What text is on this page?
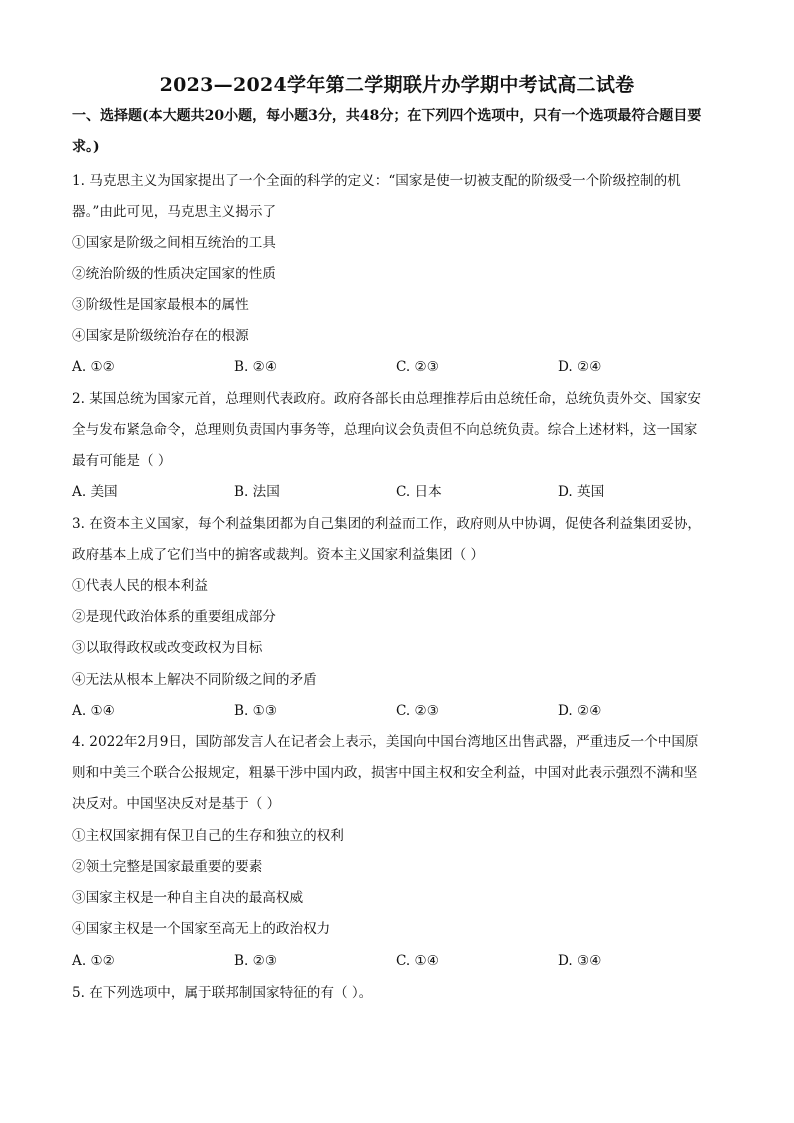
2023—2024学年第二学期联片办学期中考试高二试卷
一、选择题(本大题共20小题，每小题3分，共48分；在下列四个选项中，只有一个选项最符合题目要求。)
1. 马克思主义为国家提出了一个全面的科学的定义：“国家是使一切被支配的阶级受一个阶级控制的机
器。”由此可见，马克思主义揭示了
①国家是阶级之间相互统治的工具
②统治阶级的性质决定国家的性质
③阶级性是国家最根本的属性
④国家是阶级统治存在的根源
A. ①②	B. ②④	C. ②③	D. ②④
2. 某国总统为国家元首，总理则代表政府。政府各部长由总理推荐后由总统任命，总统负责外交、国家安
全与发布紧急命令，总理则负责国内事务等，总理向议会负责但不向总统负责。综合上述材料，这一国家
最有可能是（ ）
A. 美国	B. 法国	C. 日本	D. 英国
3. 在资本主义国家，每个利益集团都为自己集团的利益而工作，政府则从中协调，促使各利益集团妥协，
政府基本上成了它们当中的掮客或裁判。资本主义国家利益集团（ ）
①代表人民的根本利益
②是现代政治体系的重要组成部分
③以取得政权或改变政权为目标
④无法从根本上解决不同阶级之间的矛盾
A. ①④	B. ①③	C. ②③	D. ②④
4. 2022年2月9日，国防部发言人在记者会上表示，美国向中国台湾地区出售武器，严重违反一个中国原
则和中美三个联合公报规定，粗暴干涉中国内政，损害中国主权和安全利益，中国对此表示强烈不满和坚
决反对。中国坚决反对是基于（ ）
①主权国家拥有保卫自己的生存和独立的权利
②领土完整是国家最重要的要素
③国家主权是一种自主自决的最高权威
④国家主权是一个国家至高无上的政治权力
A. ①②	B. ②③	C. ①④	D. ③④
5. 在下列选项中，属于联邦制国家特征的有（ ）。
